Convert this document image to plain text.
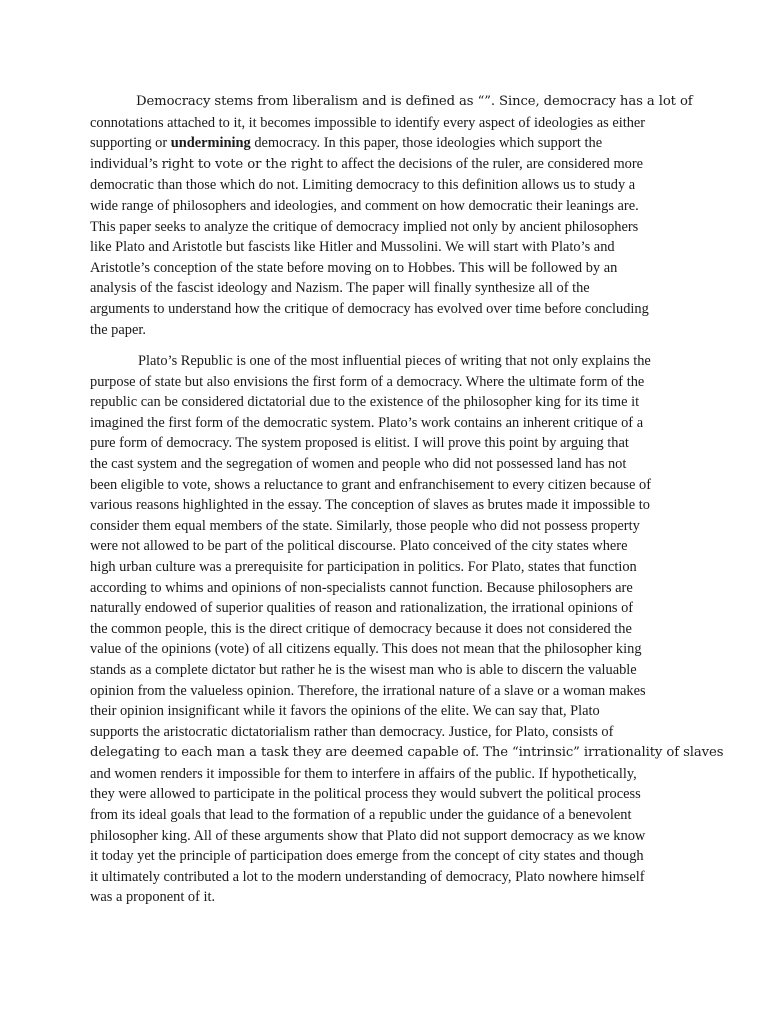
Democracy stems from liberalism and is defined as “”. Since, democracy has a lot of
connotations attached to it, it becomes impossible to identify every aspect of ideologies as either
supporting or undermining democracy. In this paper, those ideologies which support the
individual’s right to vote or the right to affect the decisions of the ruler, are considered more
democratic than those which do not. Limiting democracy to this definition allows us to study a
wide range of philosophers and ideologies, and comment on how democratic their leanings are.
This paper seeks to analyze the critique of democracy implied not only by ancient philosophers
like Plato and Aristotle but fascists like Hitler and Mussolini. We will start with Plato’s and
Aristotle’s conception of the state before moving on to Hobbes. This will be followed by an
analysis of the fascist ideology and Nazism. The paper will finally synthesize all of the
arguments to understand how the critique of democracy has evolved over time before concluding
the paper.

Plato’s Republic is one of the most influential pieces of writing that not only explains the
purpose of state but also envisions the first form of a democracy. Where the ultimate form of the
republic can be considered dictatorial due to the existence of the philosopher king for its time it
imagined the first form of the democratic system. Plato’s work contains an inherent critique of a
pure form of democracy. The system proposed is elitist. I will prove this point by arguing that
the cast system and the segregation of women and people who did not possessed land has not
been eligible to vote, shows a reluctance to grant and enfranchisement to every citizen because of
various reasons highlighted in the essay. The conception of slaves as brutes made it impossible to
consider them equal members of the state. Similarly, those people who did not possess property
were not allowed to be part of the political discourse. Plato conceived of the city states where
high urban culture was a prerequisite for participation in politics. For Plato, states that function
according to whims and opinions of non-specialists cannot function. Because philosophers are
naturally endowed of superior qualities of reason and rationalization, the irrational opinions of
the common people, this is the direct critique of democracy because it does not considered the
value of the opinions (vote) of all citizens equally. This does not mean that the philosopher king
stands as a complete dictator but rather he is the wisest man who is able to discern the valuable
opinion from the valueless opinion. Therefore, the irrational nature of a slave or a woman makes
their opinion insignificant while it favors the opinions of the elite. We can say that, Plato
supports the aristocratic dictatorialism rather than democracy. Justice, for Plato, consists of
delegating to each man a task they are deemed capable of. The “intrinsic” irrationality of slaves
and women renders it impossible for them to interfere in affairs of the public. If hypothetically,
they were allowed to participate in the political process they would subvert the political process
from its ideal goals that lead to the formation of a republic under the guidance of a benevolent
philosopher king. All of these arguments show that Plato did not support democracy as we know
it today yet the principle of participation does emerge from the concept of city states and though
it ultimately contributed a lot to the modern understanding of democracy, Plato nowhere himself
was a proponent of it.
